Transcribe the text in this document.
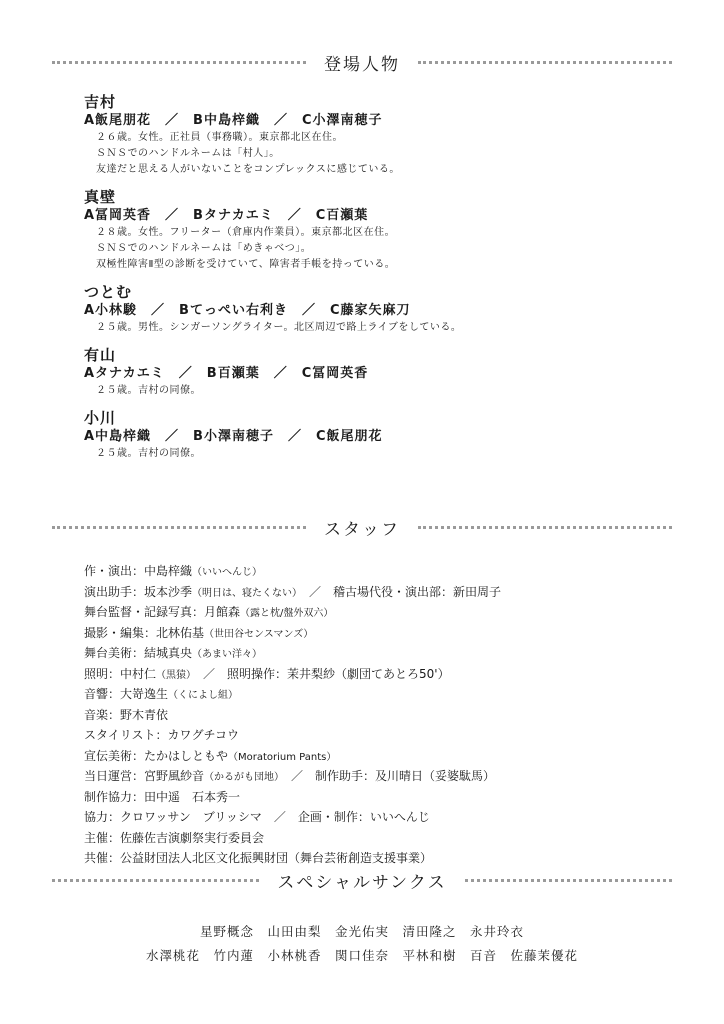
登場人物
吉村
A飯尾朋花　／　B中島梓織　／　C小澤南穂子
２６歳。女性。正社員（事務職）。東京都北区在住。
ＳＮＳでのハンドルネームは「村人」。
友達だと思える人がいないことをコンプレックスに感じている。
真壁
A冨岡英香　／　Bタナカエミ　／　C百瀬葉
２８歳。女性。フリーター（倉庫内作業員）。東京都北区在住。
ＳＮＳでのハンドルネームは「めきゃべつ」。
双極性障害Ⅱ型の診断を受けていて、障害者手帳を持っている。
つとむ
A小林駿　／　Bてっぺい右利き　／　C藤家矢麻刀
２５歳。男性。シンガーソングライター。北区周辺で路上ライブをしている。
有山
Aタナカエミ　／　B百瀬葉　／　C冨岡英香
２５歳。吉村の同僚。
小川
A中島梓織　／　B小澤南穂子　／　C飯尾朋花
２５歳。吉村の同僚。
スタッフ
作・演出：中島梓織（いいへんじ）
演出助手：坂本沙季（明日は、寝たくない）　／　稽古場代役・演出部：新田周子
舞台監督・記録写真：月館森（露と枕/盤外双六）
撮影・編集：北林佑基（世田谷センスマンズ）
舞台美術：結城真央（あまい洋々）
照明：中村仁（黒猿）　／　照明操作：茉井梨紗（劇団てあとろ50'）
音響：大嵜逸生（くによし組）
音楽：野木青依
スタイリスト：カワグチコウ
宣伝美術：たかはしともや（Moratorium Pants）
当日運営：宮野風紗音（かるがも団地）　／　制作助手：及川晴日（妥婆駄馬）
制作協力：田中遥　石本秀一
協力：クロワッサン　ブリッシマ　／　企画・制作：いいへんじ
主催：佐藤佐吉演劇祭実行委員会
共催：公益財団法人北区文化振興財団（舞台芸術創造支援事業）
スペシャルサンクス
星野概念　山田由梨　金光佑実　清田隆之　永井玲衣
水澤桃花　竹内蓮　小林桃香　関口佳奈　平林和樹　百音　佐藤茉優花
